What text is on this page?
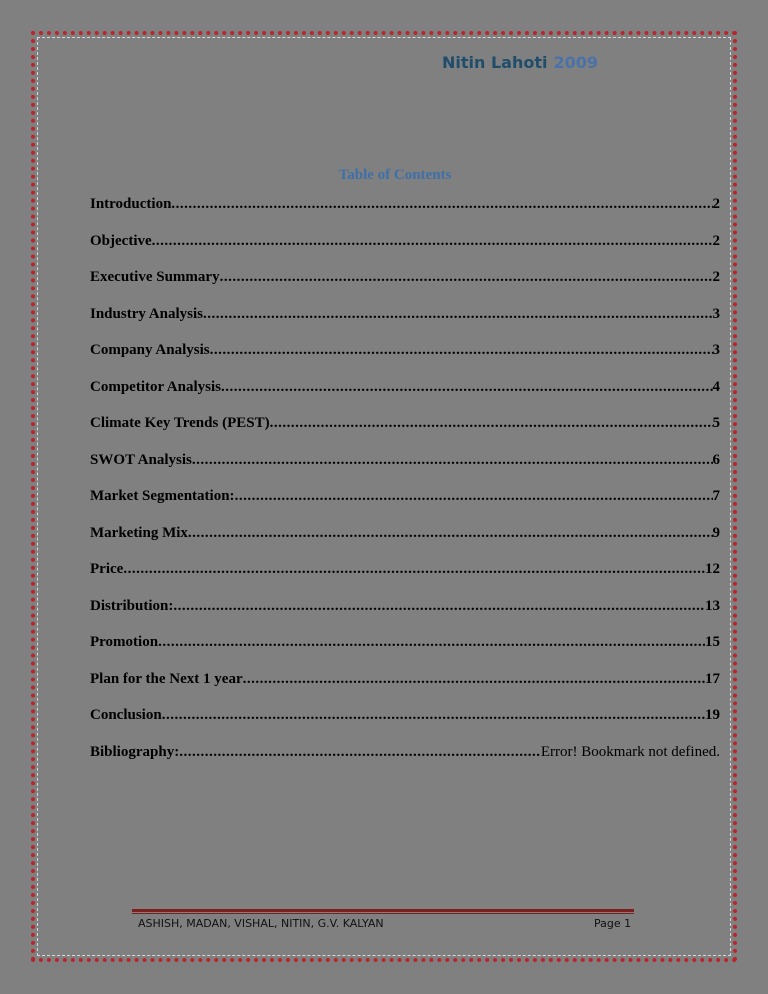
Nitin Lahoti 2009
Table of Contents
Introduction .....	2
Objective .....	2
Executive Summary .....	2
Industry Analysis .....	3
Company Analysis .....	3
Competitor Analysis .....	4
Climate Key Trends (PEST) .....	5
SWOT Analysis .....	6
Market Segmentation: .....	7
Marketing Mix .....	9
Price .....	12
Distribution: .....	13
Promotion .....	15
Plan for the Next 1 year .....	17
Conclusion .....	19
Bibliography: .....	Error! Bookmark not defined.
ASHISH, MADAN, VISHAL, NITIN, G.V. KALYAN	Page 1
